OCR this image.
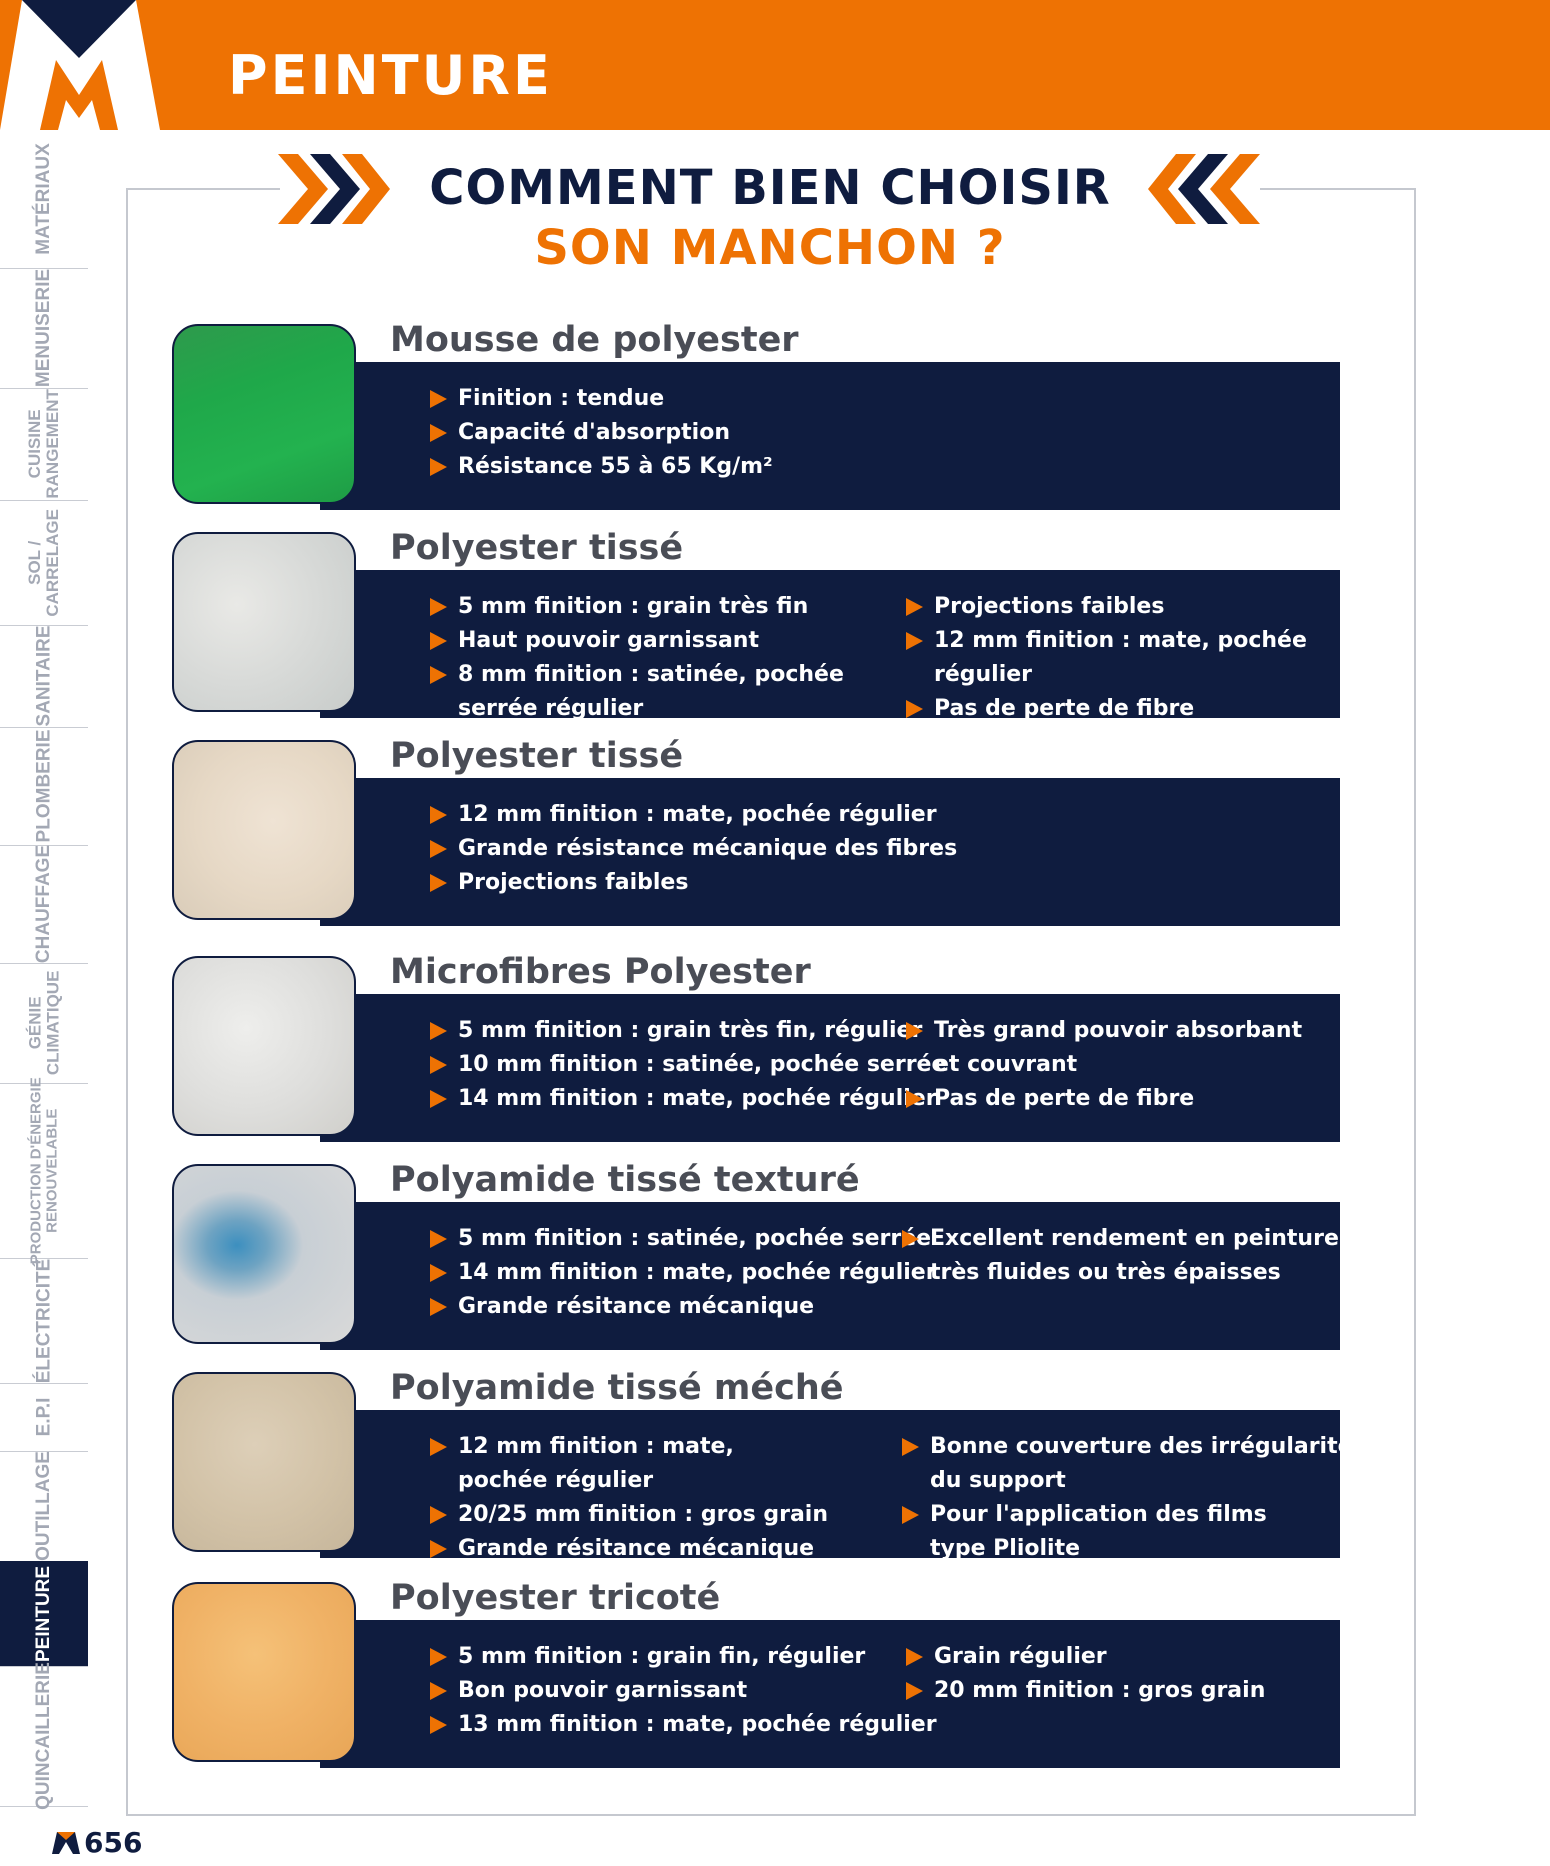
PEINTURE
MATÉRIAUX
MENUISERIE
CUISINE
RANGEMENT
SOL /
CARRELAGE
SANITAIRE
PLOMBERIE
CHAUFFAGE
GÉNIE
CLIMATIQUE
PRODUCTION D'ÉNERGIE
RENOUVELABLE
ÉLECTRICITÉ
E.P.I
OUTILLAGE
PEINTURE
QUINCAILLERIE
COMMENT BIEN CHOISIR
SON MANCHON ?
Mousse de polyester
Finition : tendue
Capacité d'absorption
Résistance 55 à 65 Kg/m²
Polyester tissé
5 mm finition : grain très fin
Haut pouvoir garnissant
8 mm finition : satinée, pochée
serrée régulier
Projections faibles
12 mm finition : mate, pochée régulier
Pas de perte de fibre
Polyester tissé
12 mm finition : mate, pochée régulier
Grande résistance mécanique des fibres
Projections faibles
Microfibres Polyester
5 mm finition : grain très fin, régulier
10 mm finition : satinée, pochée serrée
14 mm finition : mate, pochée régulier
Très grand pouvoir absorbant
et couvrant
Pas de perte de fibre
Polyamide tissé texturé
5 mm finition : satinée, pochée serrée
14 mm finition : mate, pochée régulier
Grande résitance mécanique
Excellent rendement en peintures
très fluides ou très épaisses
Polyamide tissé méché
12 mm finition : mate,
pochée régulier
20/25 mm finition : gros grain
Grande résitance mécanique
Bonne couverture des irrégularités
du support
Pour l'application des films
type Pliolite
Polyester tricoté
5 mm finition : grain fin, régulier
Bon pouvoir garnissant
13 mm finition : mate, pochée régulier
Grain régulier
20 mm finition : gros grain
656
